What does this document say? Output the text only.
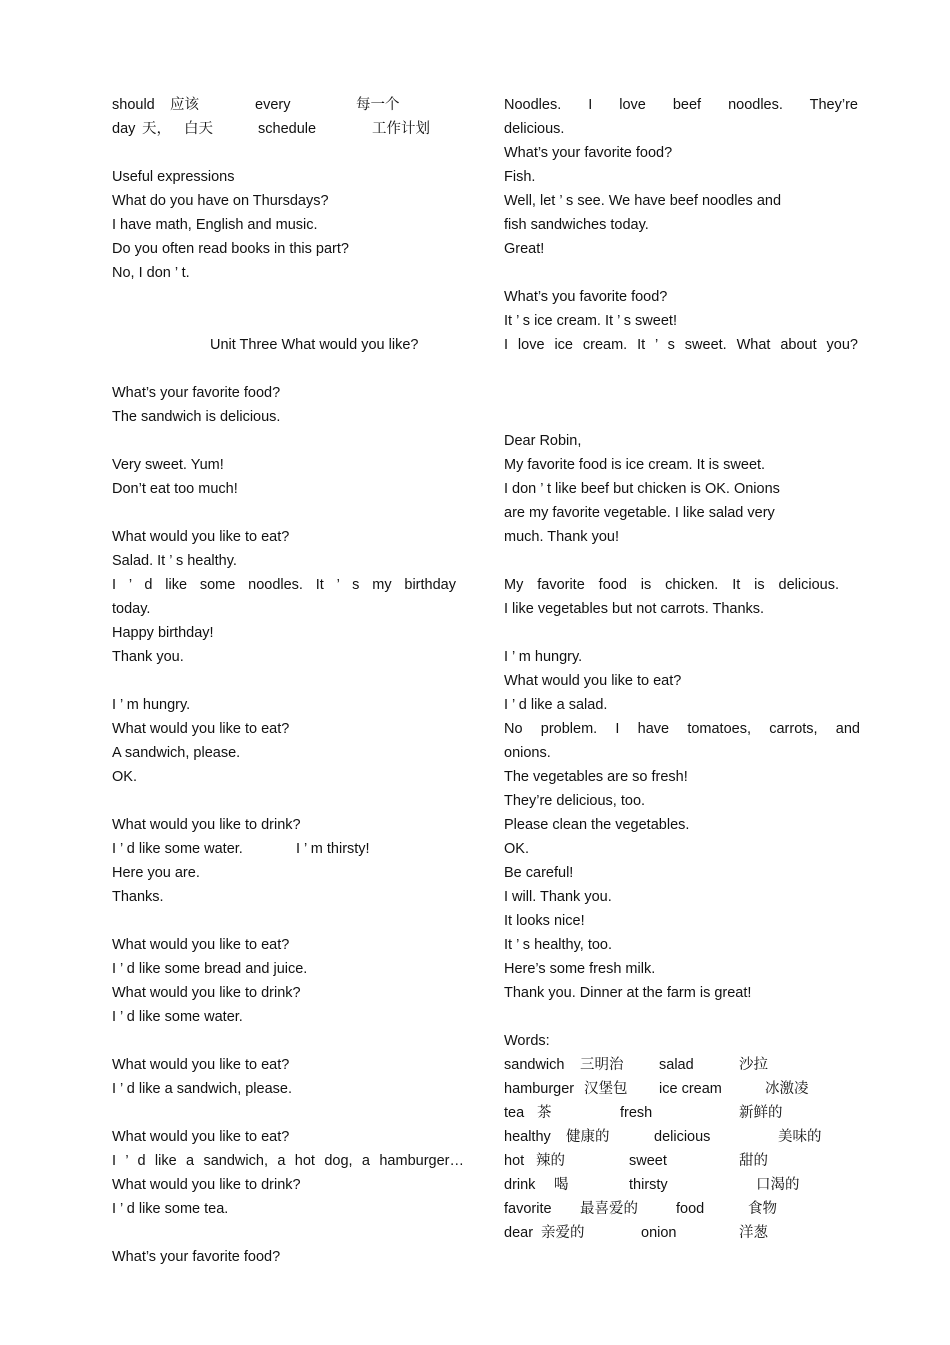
should 应该	every	每一个
day 天， 白天	schedule	工作计划
Useful expressions
What do you have on Thursdays?
I have math, English and music.
Do you often read books in this part?
No, I don ’ t.
Unit Three What would you like?
What’s your favorite food?
The sandwich is delicious.
Very sweet. Yum!
Don’t eat too much!
What would you like to eat?
Salad. It ’ s healthy.
I ’ d like some noodles. It ’ s my birthday
today.
Happy birthday!
Thank you.
I ’ m hungry.
What would you like to eat?
A sandwich, please.
OK.
What would you like to drink?
I ’ d like some water.	I ’ m thirsty!
Here you are.
Thanks.
What would you like to eat?
I ’ d like some bread and juice.
What would you like to drink?
I ’ d like some water.
What would you like to eat?
I ’ d like a sandwich, please.
What would you like to eat?
I ’ d like a sandwich, a hot dog, a hamburger…
What would you like to drink?
I ’ d like some tea.
What’s your favorite food?
Noodles. I love beef noodles. They’re
delicious.
What’s your favorite food?
Fish.
Well, let ’ s see. We have beef noodles and
fish sandwiches today.
Great!
What’s you favorite food?
It ’ s ice cream. It ’ s sweet!
I love ice cream. It ’ s sweet. What about you?
Dear Robin,
My favorite food is ice cream. It is sweet.
I don ’ t like beef but chicken is OK. Onions
are my favorite vegetable. I like salad very
much. Thank you!
My favorite food is chicken. It is delicious.
I like vegetables but not carrots. Thanks.
I ’ m hungry.
What would you like to eat?
I ’ d like a salad.
No problem. I have tomatoes, carrots, and
onions.
The vegetables are so fresh!
They’re delicious, too.
Please clean the vegetables.
OK.
Be careful!
I will. Thank you.
It looks nice!
It ’ s healthy, too.
Here’s some fresh milk.
Thank you. Dinner at the farm is great!
Words:
sandwich 三明治 salad	沙拉
hamburger 汉堡包 ice cream	冰激凌
tea 茶	fresh	新鲜的
healthy 健康的	delicious	美味的
hot 辣的	sweet	甜的
drink 喝	thirsty	口渴的
favorite 最喜爱的	food	食物
dear 亲爱的	onion	洋葱
